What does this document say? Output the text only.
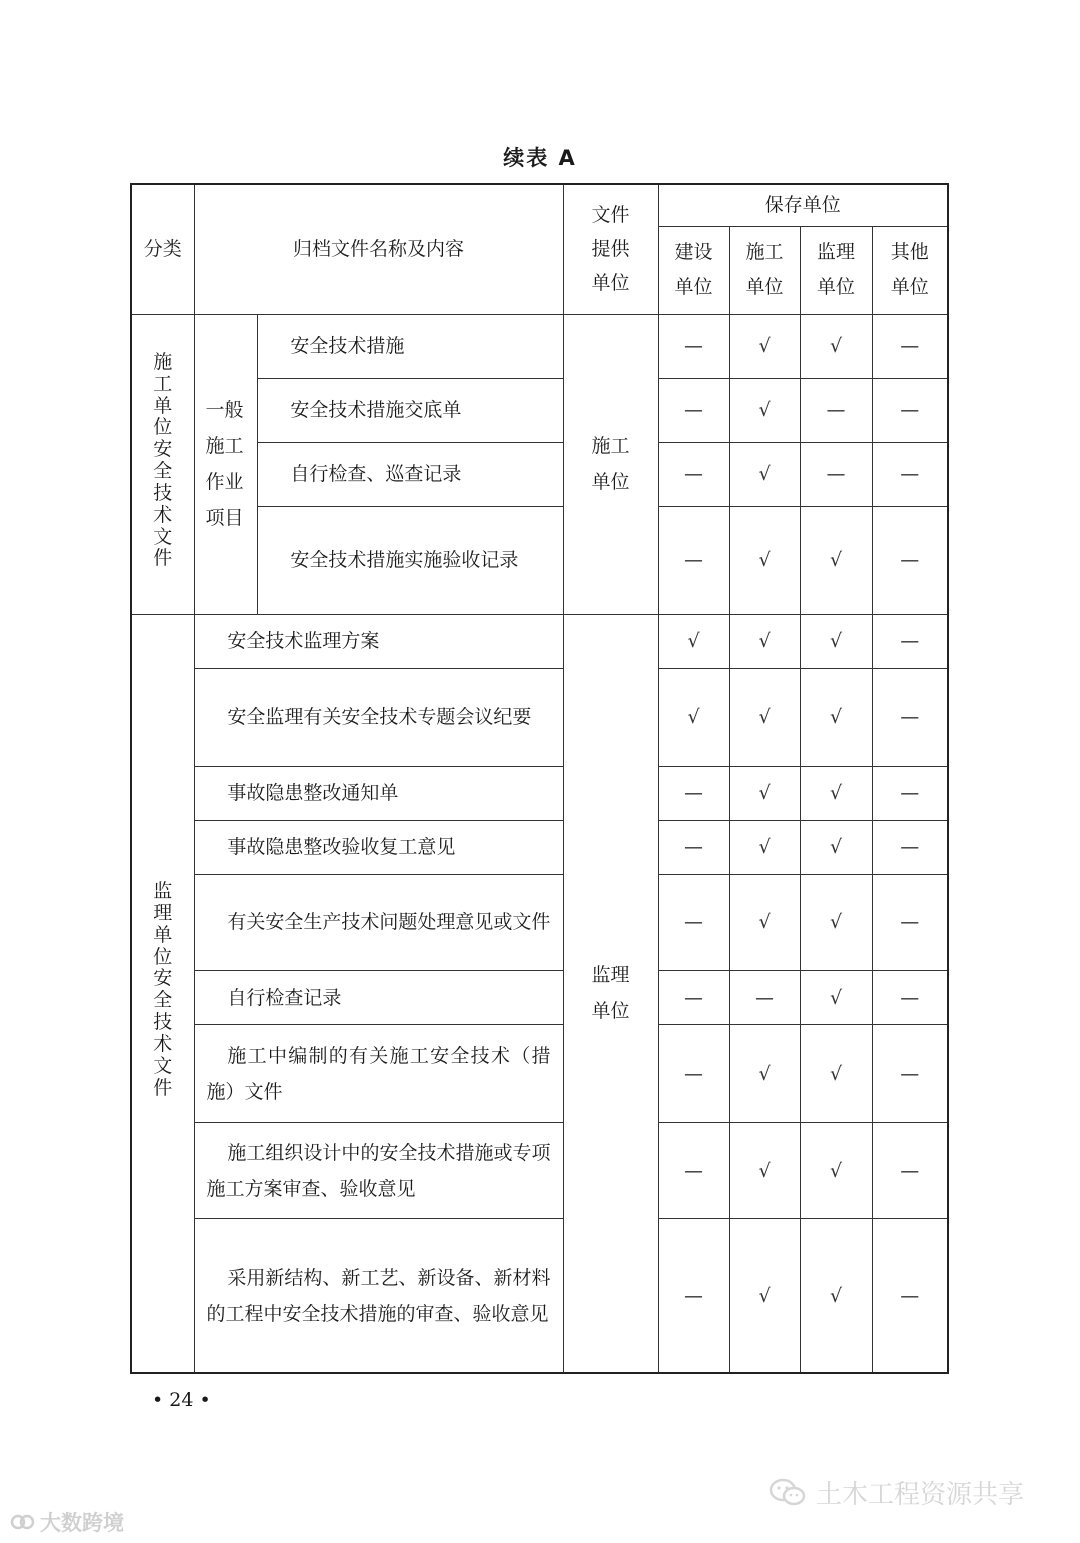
续表 A
分类	归档文件名称及内容		文件提供单位	保存单位			
				建设单位	施工单位	监理单位	其他单位
施工单位安全技术文件	一般施工作业项目	安全技术措施	施工单位	—	√	√	—
		安全技术措施交底单		—	√	—	—
		自行检查、巡查记录		—	√	—	—
		安全技术措施实施验收记录		—	√	√	—
监理单位安全技术文件	安全技术监理方案		监理单位	√	√	√	—
	安全监理有关安全技术专题会议纪要			√	√	√	—
	事故隐患整改通知单			—	√	√	—
	事故隐患整改验收复工意见			—	√	√	—
	有关安全生产技术问题处理意见或文件			—	√	√	—
	自行检查记录			—	—	√	—
	施工中编制的有关施工安全技术（措施）文件			—	√	√	—
	施工组织设计中的安全技术措施或专项施工方案审查、验收意见			—	√	√	—
	采用新结构、新工艺、新设备、新材料的工程中安全技术措施的审查、验收意见			—	√	√	—
• 24 •
大数跨境
土木工程资源共享
